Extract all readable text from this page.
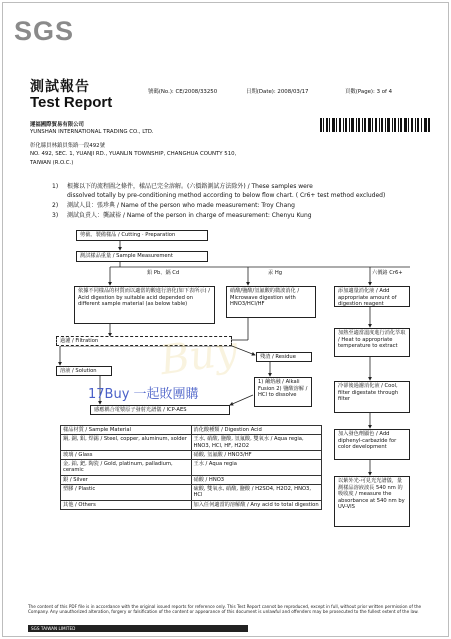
SGS
測試報告
Test Report
號碼(No.): CE/2008/33250	日期(Date): 2008/03/17	頁數(Page): 3 of 4
運福國際貿易有限公司
YUNSHAN INTERNATIONAL TRADING CO., LTD.
彰化縣員林鎮員集路一段492號
NO. 492, SEC. 1, YUANJI RD., YUANLIN TOWNSHIP, CHANGHUA COUNTY 510,
TAIWAN (R.O.C.)
1) 根據以下的流程圖之條件，樣品已完全溶解。(六價鉻測試方法除外) / These samples were
dissolved totally by pre-conditioning method according to below flow chart. ( Cr6+ test method excluded)
2) 測試人員：張珍典 / Name of the person who made measurement: Troy Chang
3) 測試負責人：龔誠裕 / Name of the person in charge of measurement: Chenyu Kung
剪截、製備樣品 / Cutting · Preparation
測試樣品重量 / Sample Measurement
鉛 Pb、鎘 Cd	汞 Hg	六價鉻 Cr6+
依據不同樣品的材質而以適當的酸進行溶化(如下表所示) / Acid digestion by suitable acid depended on different sample material (as below table)
硝酸/鹽酸/氫氟酸的微波消化 / Microwave digestion with HNO3/HCl/HF
添加適量消化液 / Add appropriate amount of digestion reagent
加熱至適當溫度進行消化萃取 / Heat to appropriate temperature to extract
過濾 / Filtration
殘渣 / Residue
溶液 / Solution
1) 鹼熔融 / Alkali Fusion 2) 鹽酸溶解 / HCl to dissolve
感應耦合電漿原子發射光譜儀 / ICP-AES
冷卻後過濾消化液 / Cool, filter digestate through filter
加入發色劑顯色 / Add diphenyl-carbazide for color development
以紫外光-可見光光譜儀，量測樣品溶液波長 540 nm 的吸收度 / measure the absorbance at 540 nm by UV-VIS
樣品材質 / Sample Material	消化酸種類 / Digestion Acid
鋼, 銅, 鋁, 焊錫 / Steel, copper, aluminum, solder	王水, 硝酸, 鹽酸, 氫氟酸, 雙氧水 / Aqua regia, HNO3, HCl, HF, H2O2
玻璃 / Glass	硝酸, 氫氟酸 / HNO3/HF
金, 鉑, 鈀, 陶瓷 / Gold, platinum, palladium, ceramic	王水 / Aqua regia
銀 / Silver	硝酸 / HNO3
塑膠 / Plastic	硫酸, 雙氧水, 硝酸, 鹽酸 / H2SO4, H2O2, HNO3, HCl
其他 / Others	加入任何適當的溶解酸 / Any acid to total digestion
Buy
17Buy 一起敗團購
The content of this PDF file is in accordance with the original issued reports for reference only. This Test Report cannot be reproduced, except in full, without prior written permission of the Company. Any unauthorized alteration, forgery or falsification of the content or appearance of this document is unlawful and offenders may be prosecuted to the fullest extent of the law.
SGS TAIWAN LIMITED
NO. 136-1, Wu Kung Road, WuKu Industrial Zone, Taipei county, Taiwan.
